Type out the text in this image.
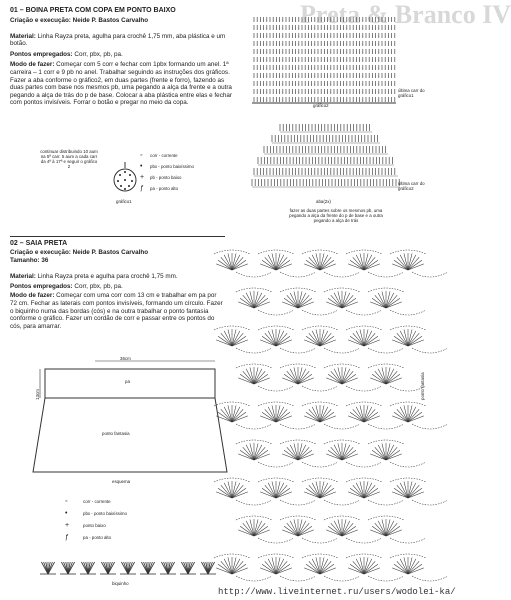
Preta & Branco IV
01 – BOINA PRETA COM COPA EM PONTO BAIXO
Criação e execução: Neide P. Bastos Carvalho
Material: Linha Rayza preta, agulha para crochê 1,75 mm, aba plástica e um botão.
Pontos empregados: Corr, pbx, pb, pa.
Modo de fazer: Começar com 5 corr e fechar com 1pbx formando um anel. 1ª carreira – 1 corr e 9 pb no anel. Trabalhar seguindo as instruções dos gráficos. Fazer a aba conforme o gráfico2, em duas partes (frente e forro), fazendo as duas partes com base nos mesmos pb, uma pegando a alça da frente e a outra pegando a alça de trás do p de base. Colocar a aba plástica entre elas e fechar com pontos invisíveis. Forrar o botão e pregar no meio da copa.
continuar distribuindo 10 aum na 5ª carr. 5 aum a cada carr da 4ª à 17ª e seguir o gráfico 2
gráfico1
◦	corr - corrente
•	pbx - ponto baixíssimo
+	pb - ponto baixo
ƒ	pa - ponto alto
gráfico2
última carr do gráfico1
última carr do gráfico2
aba(2x)
fazer as duas partes sobre os mesmos pb, uma pegando a alça da frente do p de base e a outra pegando a alça de trás
02 – SAIA PRETA
Criação e execução: Neide P. Bastos Carvalho
Tamanho: 36
Material: Linha Rayza preta e agulha para crochê 1,75 mm.
Pontos empregados: Corr, pbx, pb, pa.
Modo de fazer: Começar com uma corr com 13 cm e trabalhar em pa por 72 cm. Fechar as laterais com pontos invisíveis, formando um círculo. Fazer o biquinho numa das bordas (cós) e na outra trabalhar o ponto fantasia conforme o gráfico. Fazer um cordão de corr e passar entre os pontos do cós, para amarrar.
36cm
13cm
pa
ponto fantasia
esquema
◦	corr - corrente
•	pbx - ponto baixíssimo
+	ponto baixo
ƒ	pa - ponto alto
biquinho
ponto fantasia
http://www.liveinternet.ru/users/wodolei-ka/
